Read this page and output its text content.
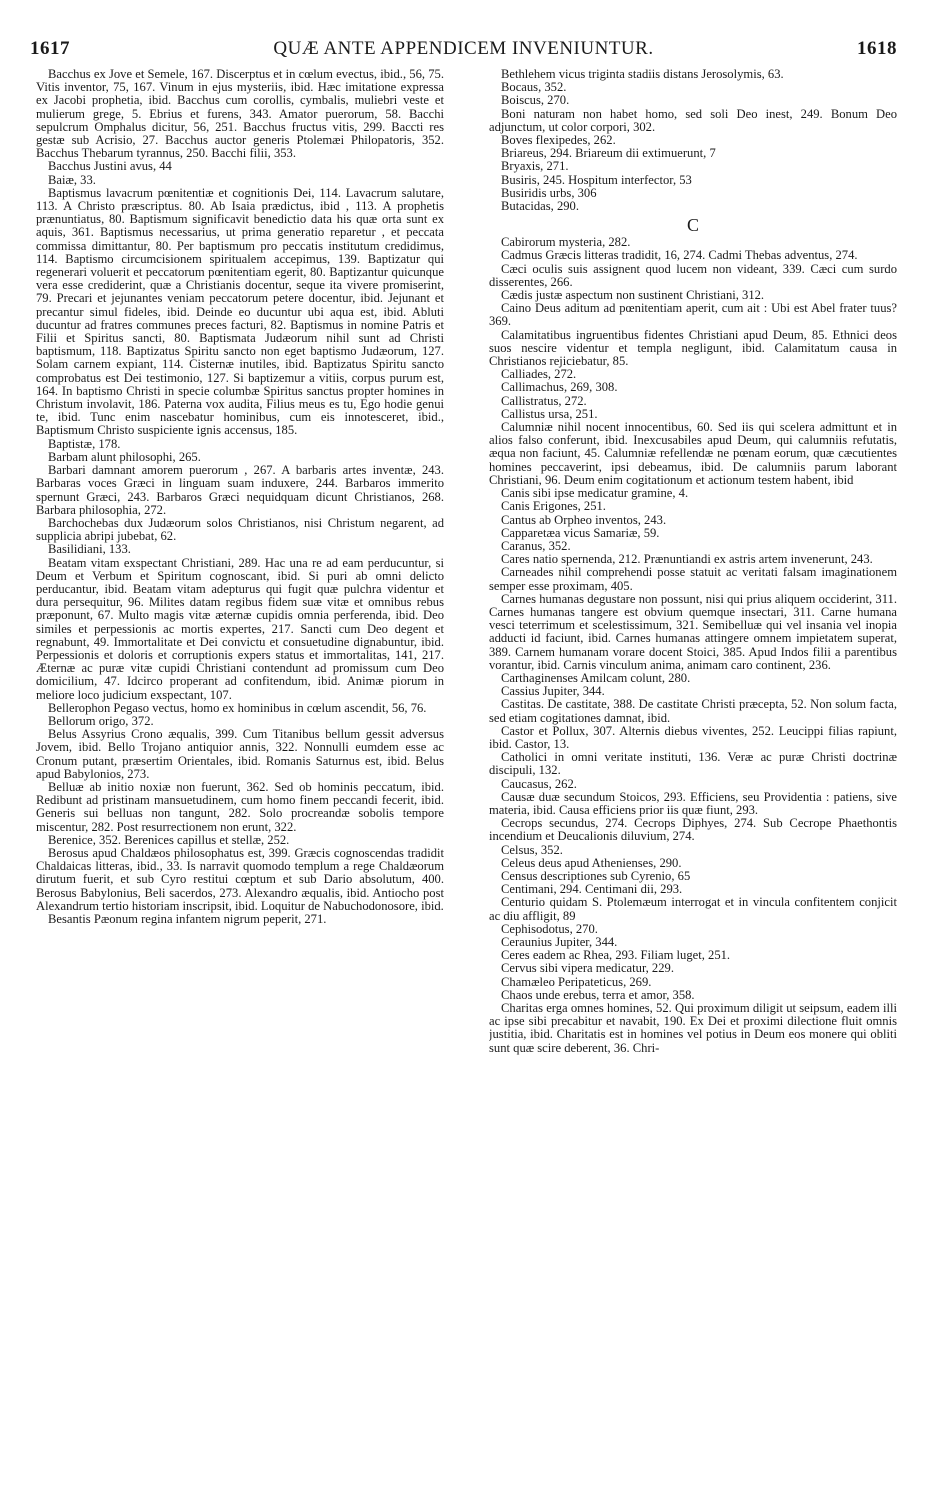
1617	QUÆ ANTE APPENDICEM INVENIUNTUR.	1618

Bacchus ex Jove et Semele, 167. Discerptus et in cœlum evectus, ibid., 56, 75. Vitis inventor, 75, 167. Vinum in ejus mysteriis, ibid. Hæc imitatione expressa ex Jacobi prophetia, ibid. Bacchus cum corollis, cymbalis, muliebri veste et mulierum grege, 5. Ebrius et furens, 343. Amator puerorum, 58. Bacchi sepulcrum Omphalus dicitur, 56, 251. Bacchus fructus vitis, 299. Baccti res gestæ sub Acrisio, 27. Bacchus auctor generis Ptolemæi Philopatoris, 352. Bacchus Thebarum tyrannus, 250. Bacchi filii, 353.

Bacchus Justini avus, 44

Baiæ, 33.

Baptismus lavacrum pœnitentiæ et cognitionis Dei, 114. Lavacrum salutare, 113. A Christo præscriptus. 80. Ab Isaia prædictus, ibid , 113. A prophetis prænuntiatus, 80. Baptismum significavit benedictio data his quæ orta sunt ex aquis, 361. Baptismus necessarius, ut prima generatio reparetur , et peccata commissa dimittantur, 80. Per baptismum pro peccatis institutum credidimus, 114. Baptismo circumcisionem spiritualem accepimus, 139. Baptizatur qui regenerari voluerit et peccatorum pœnitentiam egerit, 80. Baptizantur quicunque vera esse crediderint, quæ a Christianis docentur, seque ita vivere promiserint, 79. Precari et jejunantes veniam peccatorum petere docentur, ibid. Jejunant et precantur simul fideles, ibid. Deinde eo ducuntur ubi aqua est, ibid. Abluti ducuntur ad fratres communes preces facturi, 82. Baptismus in nomine Patris et Filii et Spiritus sancti, 80. Baptismata Judæorum nihil sunt ad Christi baptismum, 118. Baptizatus Spiritu sancto non eget baptismo Judæorum, 127. Solam carnem expiant, 114. Cisternæ inutiles, ibid. Baptizatus Spiritu sancto comprobatus est Dei testimonio, 127. Si baptizemur a vitiis, corpus purum est, 164. In baptismo Christi in specie columbæ Spiritus sanctus propter homines in Christum involavit, 186. Paterna vox audita, Filius meus es tu, Ego hodie genui te, ibid. Tunc enim nascebatur hominibus, cum eis innotesceret, ibid., Baptismum Christo suspiciente ignis accensus, 185.

Baptistæ, 178.

Barbam alunt philosophi, 265.

Barbari damnant amorem puerorum , 267. A barbaris artes inventæ, 243. Barbaras voces Græci in linguam suam induxere, 244. Barbaros immerito spernunt Græci, 243. Barbaros Græci nequidquam dicunt Christianos, 268. Barbara philosophia, 272.

Barchochebas dux Judæorum solos Christianos, nisi Christum negarent, ad supplicia abripi jubebat, 62.

Basilidiani, 133.

Beatam vitam exspectant Christiani, 289. Hac una re ad eam perducuntur, si Deum et Verbum et Spiritum cognoscant, ibid. Si puri ab omni delicto perducantur, ibid. Beatam vitam adepturus qui fugit quæ pulchra videntur et dura persequitur, 96. Milites datam regibus fidem suæ vitæ et omnibus rebus præponunt, 67. Multo magis vitæ æternæ cupidis omnia perferenda, ibid. Deo similes et perpessionis ac mortis expertes, 217. Sancti cum Deo degent et regnabunt, 49. Immortalitate et Dei convictu et consuetudine dignabuntur, ibid. Perpessionis et doloris et corruptionis expers status et immortalitas, 141, 217. Æternæ ac puræ vitæ cupidi Christiani contendunt ad promissum cum Deo domicilium, 47. Idcirco properant ad confitendum, ibid. Animæ piorum in meliore loco judicium exspectant, 107.

Bellerophon Pegaso vectus, homo ex hominibus in cœlum ascendit, 56, 76.

Bellorum origo, 372.

Belus Assyrius Crono æqualis, 399. Cum Titanibus bellum gessit adversus Jovem, ibid. Bello Trojano antiquior annis, 322. Nonnulli eumdem esse ac Cronum putant, præsertim Orientales, ibid. Romanis Saturnus est, ibid. Belus apud Babylonios, 273.

Belluæ ab initio noxiæ non fuerunt, 362. Sed ob hominis peccatum, ibid. Redibunt ad pristinam mansuetudinem, cum homo finem peccandi fecerit, ibid. Generis sui belluas non tangunt, 282. Solo procreandæ sobolis tempore miscentur, 282. Post resurrectionem non erunt, 322.

Berenice, 352. Berenices capillus et stellæ, 252.

Berosus apud Chaldæos philosophatus est, 399. Græcis cognoscendas tradidit Chaldaicas litteras, ibid., 33. Is narravit quomodo templum a rege Chaldæorum dirutum fuerit, et sub Cyro restitui cœptum et sub Dario absolutum, 400. Berosus Babylonius, Beli sacerdos, 273. Alexandro æqualis, ibid. Antiocho post Alexandrum tertio historiam inscripsit, ibid. Loquitur de Nabuchodonosore, ibid.

Besantis Pæonum regina infantem nigrum peperit, 271.

Bethlehem vicus triginta stadiis distans Jerosolymis, 63.

Bocaus, 352.

Boiscus, 270.

Boni naturam non habet homo, sed soli Deo inest, 249. Bonum Deo adjunctum, ut color corpori, 302.

Boves flexipedes, 262.

Briareus, 294. Briareum dii extimuerunt, 7

Bryaxis, 271.

Busiris, 245. Hospitum interfector, 53

Busiridis urbs, 306

Butacidas, 290.

C

Cabirorum mysteria, 282.

Cadmus Græcis litteras tradidit, 16, 274. Cadmi Thebas adventus, 274.

Cæci oculis suis assignent quod lucem non videant, 339. Cæci cum surdo disserentes, 266.

Cædis justæ aspectum non sustinent Christiani, 312.

Caino Deus aditum ad pœnitentiam aperit, cum ait : Ubi est Abel frater tuus? 369.

Calamitatibus ingruentibus fidentes Christiani apud Deum, 85. Ethnici deos suos nescire videntur et templa negligunt, ibid. Calamitatum causa in Christianos rejiciebatur, 85.

Calliades, 272.

Callimachus, 269, 308.

Callistratus, 272.

Callistus ursa, 251.

Calumniæ nihil nocent innocentibus, 60. Sed iis qui scelera admittunt et in alios falso conferunt, ibid. Inexcusabiles apud Deum, qui calumniis refutatis, æqua non faciunt, 45. Calumniæ refellendæ ne pœnam eorum, quæ cæcutientes homines peccaverint, ipsi debeamus, ibid. De calumniis parum laborant Christiani, 96. Deum enim cogitationum et actionum testem habent, ibid

Canis sibi ipse medicatur gramine, 4.

Canis Erigones, 251.

Cantus ab Orpheo inventos, 243.

Capparetæa vicus Samariæ, 59.

Caranus, 352.

Cares natio spernenda, 212. Prænuntiandi ex astris artem invenerunt, 243.

Carneades nihil comprehendi posse statuit ac veritati falsam imaginationem semper esse proximam, 405.

Carnes humanas degustare non possunt, nisi qui prius aliquem occiderint, 311. Carnes humanas tangere est obvium quemque insectari, 311. Carne humana vesci teterrimum et scelestissimum, 321. Semibelluæ qui vel insania vel inopia adducti id faciunt, ibid. Carnes humanas attingere omnem impietatem superat, 389. Carnem humanam vorare docent Stoici, 385. Apud Indos filii a parentibus vorantur, ibid. Carnis vinculum anima, animam caro continent, 236.

Carthaginenses Amilcam colunt, 280.

Cassius Jupiter, 344.

Castitas. De castitate, 388. De castitate Christi præcepta, 52. Non solum facta, sed etiam cogitationes damnat, ibid.

Castor et Pollux, 307. Alternis diebus viventes, 252. Leucippi filias rapiunt, ibid. Castor, 13.

Catholici in omni veritate instituti, 136. Veræ ac puræ Christi doctrinæ discipuli, 132.

Caucasus, 262.

Causæ duæ secundum Stoicos, 293. Efficiens, seu Providentia : patiens, sive materia, ibid. Causa efficiens prior iis quæ fiunt, 293.

Cecrops secundus, 274. Cecrops Diphyes, 274. Sub Cecrope Phaethontis incendium et Deucalionis diluvium, 274.

Celsus, 352.

Celeus deus apud Athenienses, 290.

Census descriptiones sub Cyrenio, 65

Centimani, 294. Centimani dii, 293.

Centurio quidam S. Ptolemæum interrogat et in vincula confitentem conjicit ac diu affligit, 89

Cephisodotus, 270.

Ceraunius Jupiter, 344.

Ceres eadem ac Rhea, 293. Filiam luget, 251.

Cervus sibi vipera medicatur, 229.

Chamæleo Peripateticus, 269.

Chaos unde erebus, terra et amor, 358.

Charitas erga omnes homines, 52. Qui proximum diligit ut seipsum, eadem illi ac ipse sibi precabitur et navabit, 190. Ex Dei et proximi dilectione fluit omnis justitia, ibid. Charitatis est in homines vel potius in Deum eos monere qui obliti sunt quæ scire deberent, 36. Chri-
